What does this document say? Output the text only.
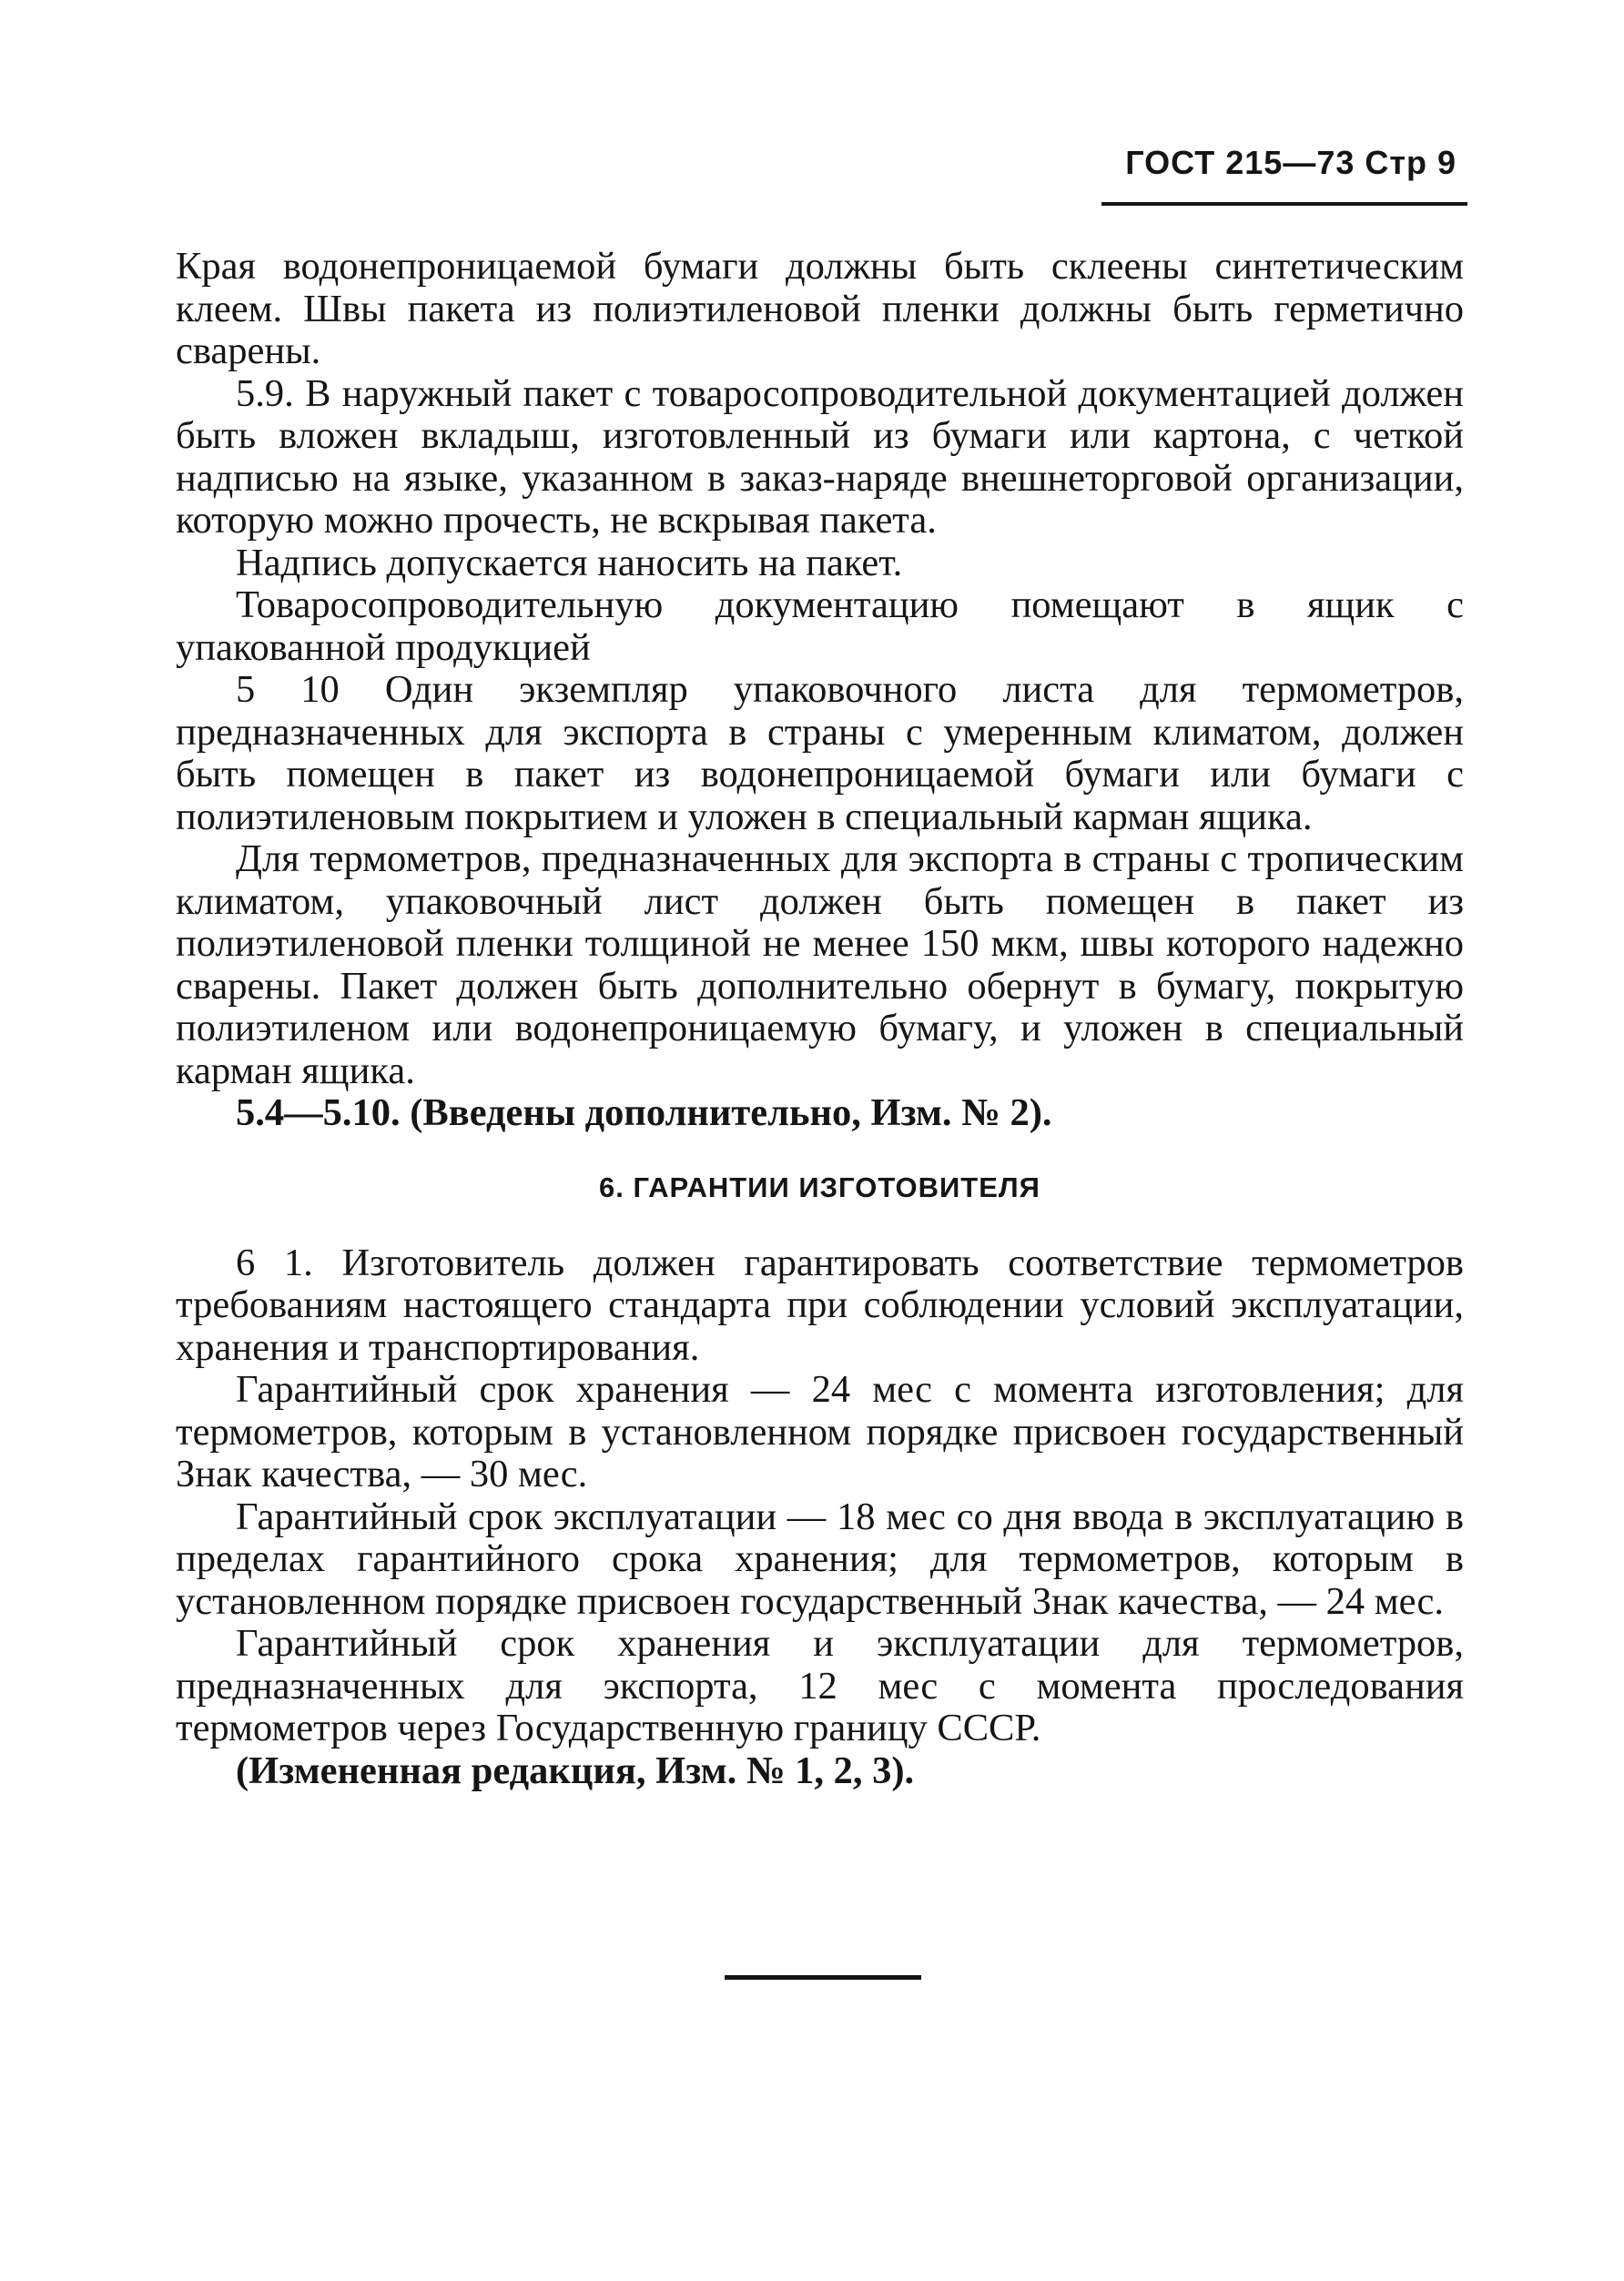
ГОСТ 215—73 Стр 9

Края водонепроницаемой бумаги должны быть склеены синтетическим клеем. Швы пакета из полиэтиленовой пленки должны быть герметично сварены.

5.9. В наружный пакет с товаросопроводительной документацией должен быть вложен вкладыш, изготовленный из бумаги или картона, с четкой надписью на языке, указанном в заказ-наряде внешнеторговой организации, которую можно прочесть, не вскрывая пакета.

Надпись допускается наносить на пакет.

Товаросопроводительную документацию помещают в ящик с упакованной продукцией

5 10 Один экземпляр упаковочного листа для термометров, предназначенных для экспорта в страны с умеренным климатом, должен быть помещен в пакет из водонепроницаемой бумаги или бумаги с полиэтиленовым покрытием и уложен в специальный карман ящика.

Для термометров, предназначенных для экспорта в страны с тропическим климатом, упаковочный лист должен быть помещен в пакет из полиэтиленовой пленки толщиной не менее 150 мкм, швы которого надежно сварены. Пакет должен быть дополнительно обернут в бумагу, покрытую полиэтиленом или водонепроницаемую бумагу, и уложен в специальный карман ящика.

5.4—5.10. (Введены дополнительно, Изм. № 2).

6. ГАРАНТИИ ИЗГОТОВИТЕЛЯ

6 1. Изготовитель должен гарантировать соответствие термометров требованиям настоящего стандарта при соблюдении условий эксплуатации, хранения и транспортирования.

Гарантийный срок хранения — 24 мес с момента изготовления; для термометров, которым в установленном порядке присвоен государственный Знак качества, — 30 мес.

Гарантийный срок эксплуатации — 18 мес со дня ввода в эксплуатацию в пределах гарантийного срока хранения; для термометров, которым в установленном порядке присвоен государственный Знак качества, — 24 мес.

Гарантийный срок хранения и эксплуатации для термометров, предназначенных для экспорта, 12 мес с момента проследования термометров через Государственную границу СССР.

(Измененная редакция, Изм. № 1, 2, 3).
